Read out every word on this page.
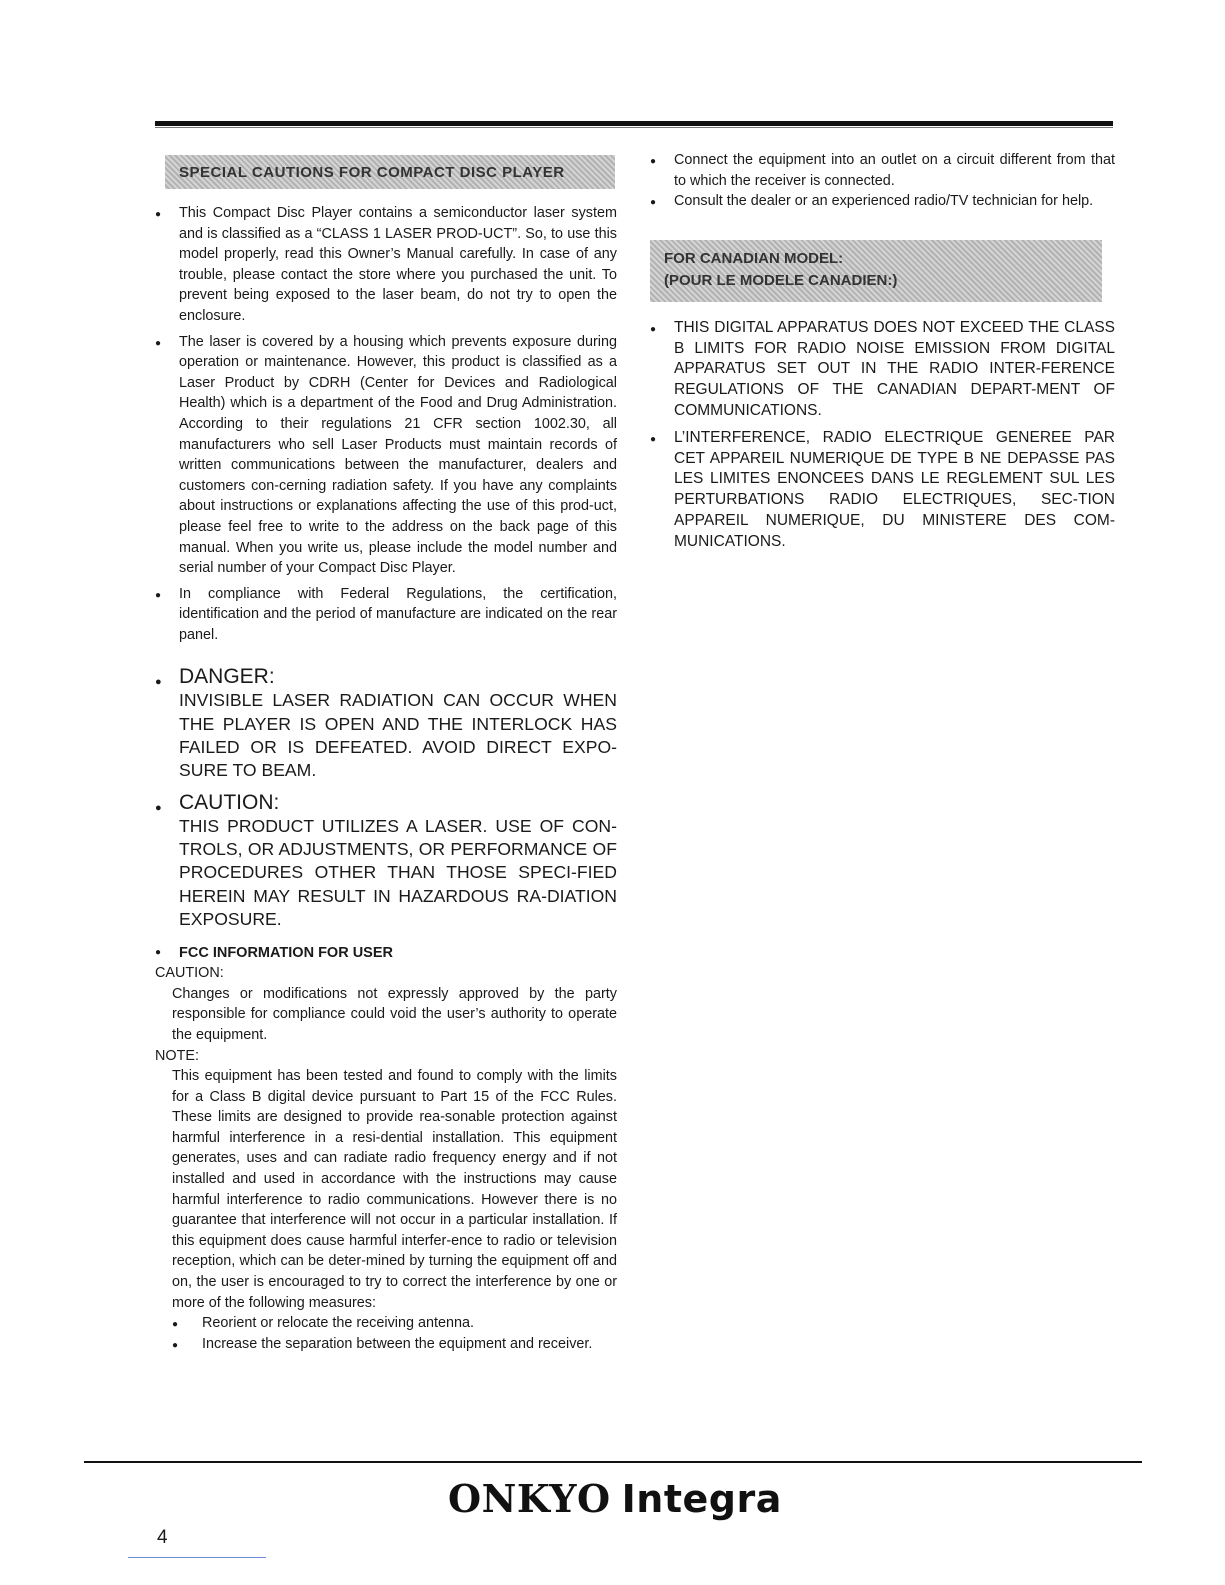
SPECIAL CAUTIONS FOR COMPACT DISC PLAYER
● This Compact Disc Player contains a semiconductor laser system and is classified as a “CLASS 1 LASER PROD-UCT”. So, to use this model properly, read this Owner’s Manual carefully. In case of any trouble, please contact the store where you purchased the unit. To prevent being exposed to the laser beam, do not try to open the enclosure.
● The laser is covered by a housing which prevents exposure during operation or maintenance. However, this product is classified as a Laser Product by CDRH (Center for Devices and Radiological Health) which is a department of the Food and Drug Administration. According to their regulations 21 CFR section 1002.30, all manufacturers who sell Laser Products must maintain records of written communications between the manufacturer, dealers and customers con-cerning radiation safety. If you have any complaints about instructions or explanations affecting the use of this prod-uct, please feel free to write to the address on the back page of this manual. When you write us, please include the model number and serial number of your Compact Disc Player.
● In compliance with Federal Regulations, the certification, identification and the period of manufacture are indicated on the rear panel.
● DANGER:
INVISIBLE LASER RADIATION CAN OCCUR WHEN THE PLAYER IS OPEN AND THE INTERLOCK HAS FAILED OR IS DEFEATED. AVOID DIRECT EXPO-SURE TO BEAM.
● CAUTION:
THIS PRODUCT UTILIZES A LASER. USE OF CON-TROLS, OR ADJUSTMENTS, OR PERFORMANCE OF PROCEDURES OTHER THAN THOSE SPECI-FIED HEREIN MAY RESULT IN HAZARDOUS RA-DIATION EXPOSURE.
● FCC INFORMATION FOR USER
CAUTION:
Changes or modifications not expressly approved by the party responsible for compliance could void the user’s authority to operate the equipment.
NOTE:
This equipment has been tested and found to comply with the limits for a Class B digital device pursuant to Part 15 of the FCC Rules. These limits are designed to provide rea-sonable protection against harmful interference in a resi-dential installation. This equipment generates, uses and can radiate radio frequency energy and if not installed and used in accordance with the instructions may cause harmful interference to radio communications. However there is no guarantee that interference will not occur in a particular installation. If this equipment does cause harmful interfer-ence to radio or television reception, which can be deter-mined by turning the equipment off and on, the user is encouraged to try to correct the interference by one or more of the following measures:
● Reorient or relocate the receiving antenna.
● Increase the separation between the equipment and receiver.
● Connect the equipment into an outlet on a circuit different from that to which the receiver is connected.
● Consult the dealer or an experienced radio/TV technician for help.
FOR CANADIAN MODEL:
(POUR LE MODELE CANADIEN:)
● THIS DIGITAL APPARATUS DOES NOT EXCEED THE CLASS B LIMITS FOR RADIO NOISE EMISSION FROM DIGITAL APPARATUS SET OUT IN THE RADIO INTER-FERENCE REGULATIONS OF THE CANADIAN DEPART-MENT OF COMMUNICATIONS.
● L’INTERFERENCE, RADIO ELECTRIQUE GENEREE PAR CET APPAREIL NUMERIQUE DE TYPE B NE DEPASSE PAS LES LIMITES ENONCEES DANS LE REGLEMENT SUL LES PERTURBATIONS RADIO ELECTRIQUES, SEC-TION APPAREIL NUMERIQUE, DU MINISTERE DES COM-MUNICATIONS.
ONKYO Integra
4
